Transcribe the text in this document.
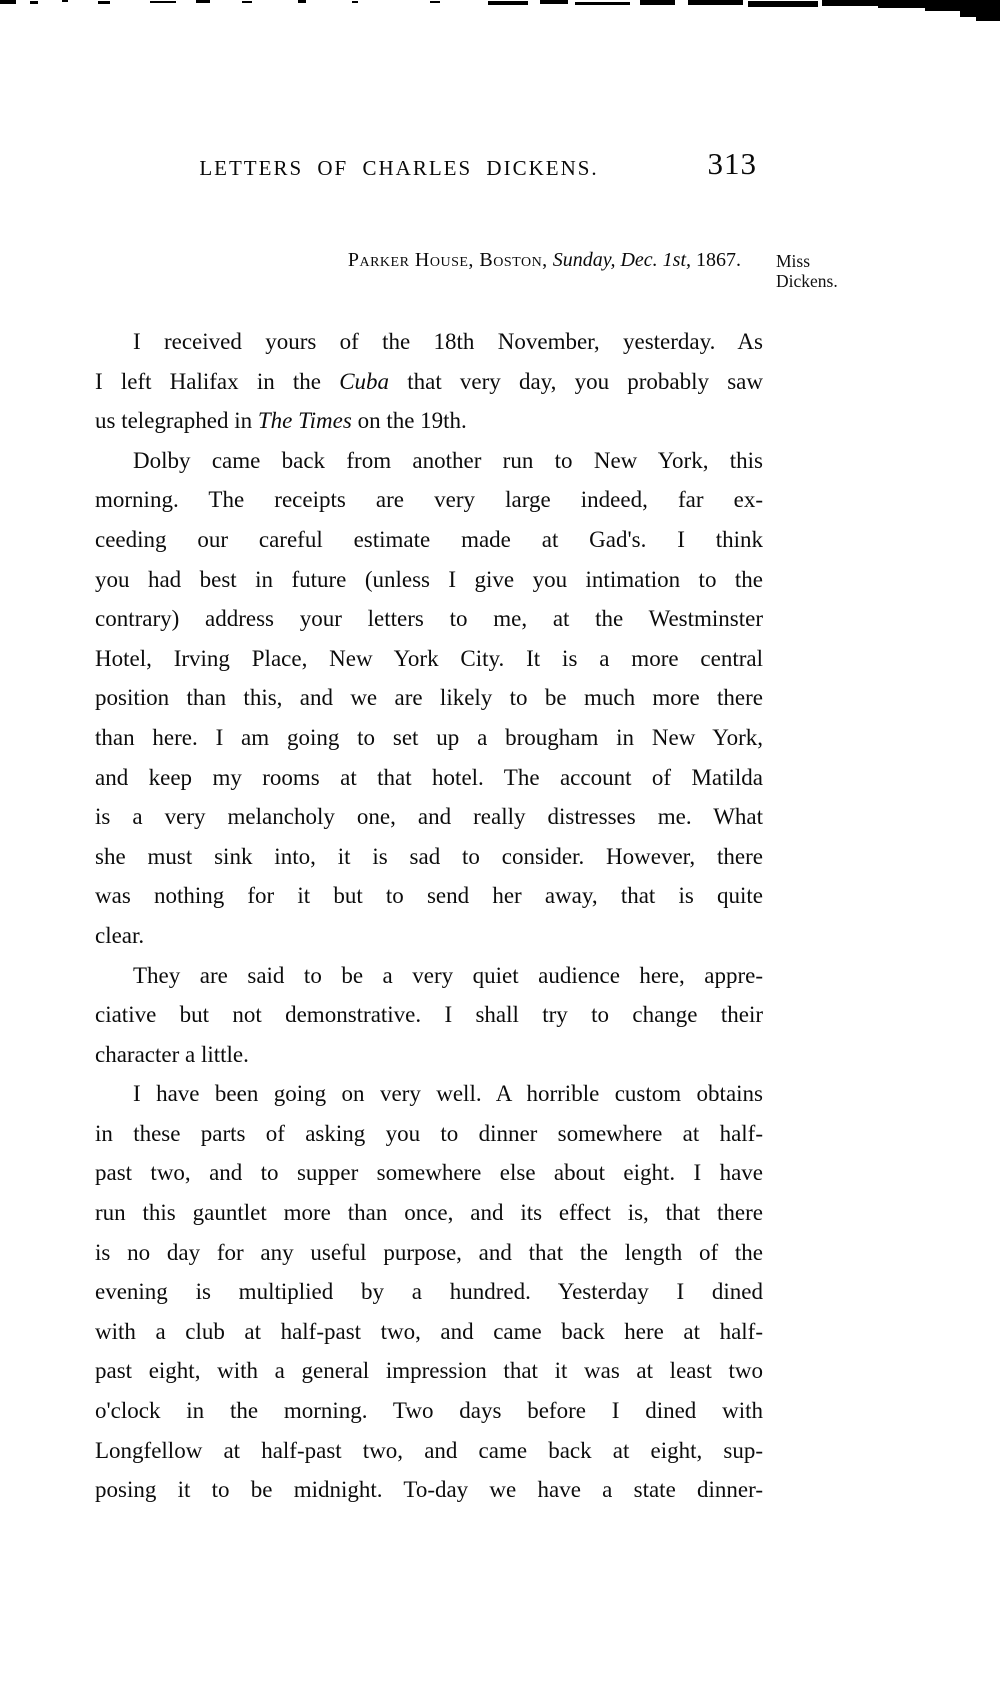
LETTERS OF CHARLES DICKENS.	313
Parker House, Boston, Sunday, Dec. 1st, 1867.	Miss
Dickens.
I received yours of the 18th November, yesterday. As
I left Halifax in the Cuba that very day, you probably saw
us telegraphed in The Times on the 19th.
Dolby came back from another run to New York, this
morning. The receipts are very large indeed, far ex-
ceeding our careful estimate made at Gad's. I think
you had best in future (unless I give you intimation to the
contrary) address your letters to me, at the Westminster
Hotel, Irving Place, New York City. It is a more central
position than this, and we are likely to be much more there
than here. I am going to set up a brougham in New York,
and keep my rooms at that hotel. The account of Matilda
is a very melancholy one, and really distresses me. What
she must sink into, it is sad to consider. However, there
was nothing for it but to send her away, that is quite
clear.
They are said to be a very quiet audience here, appre-
ciative but not demonstrative. I shall try to change their
character a little.
I have been going on very well. A horrible custom obtains
in these parts of asking you to dinner somewhere at half-
past two, and to supper somewhere else about eight. I have
run this gauntlet more than once, and its effect is, that there
is no day for any useful purpose, and that the length of the
evening is multiplied by a hundred. Yesterday I dined
with a club at half-past two, and came back here at half-
past eight, with a general impression that it was at least two
o'clock in the morning. Two days before I dined with
Longfellow at half-past two, and came back at eight, sup-
posing it to be midnight. To-day we have a state dinner-
